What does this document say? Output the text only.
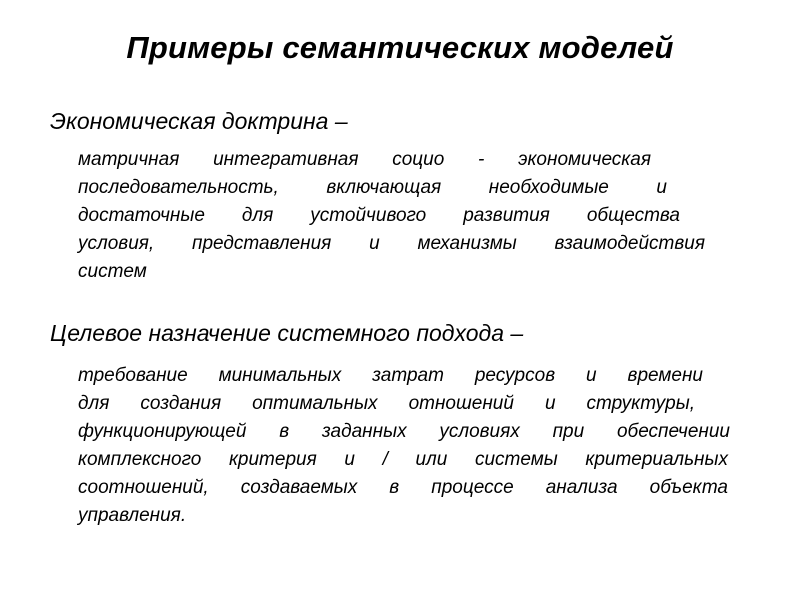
Примеры семантических моделей
Экономическая доктрина –
матричная интегративная социо - экономическая
последовательность, включающая необходимые и
достаточные для устойчивого развития общества
условия, представления и механизмы взаимодействия
систем
Целевое назначение системного подхода –
требование минимальных затрат ресурсов и времени
для создания оптимальных отношений и структуры,
функционирующей в заданных условиях при обеспечении
комплексного критерия и / или системы критериальных
соотношений, создаваемых в процессе анализа объекта
управления.
